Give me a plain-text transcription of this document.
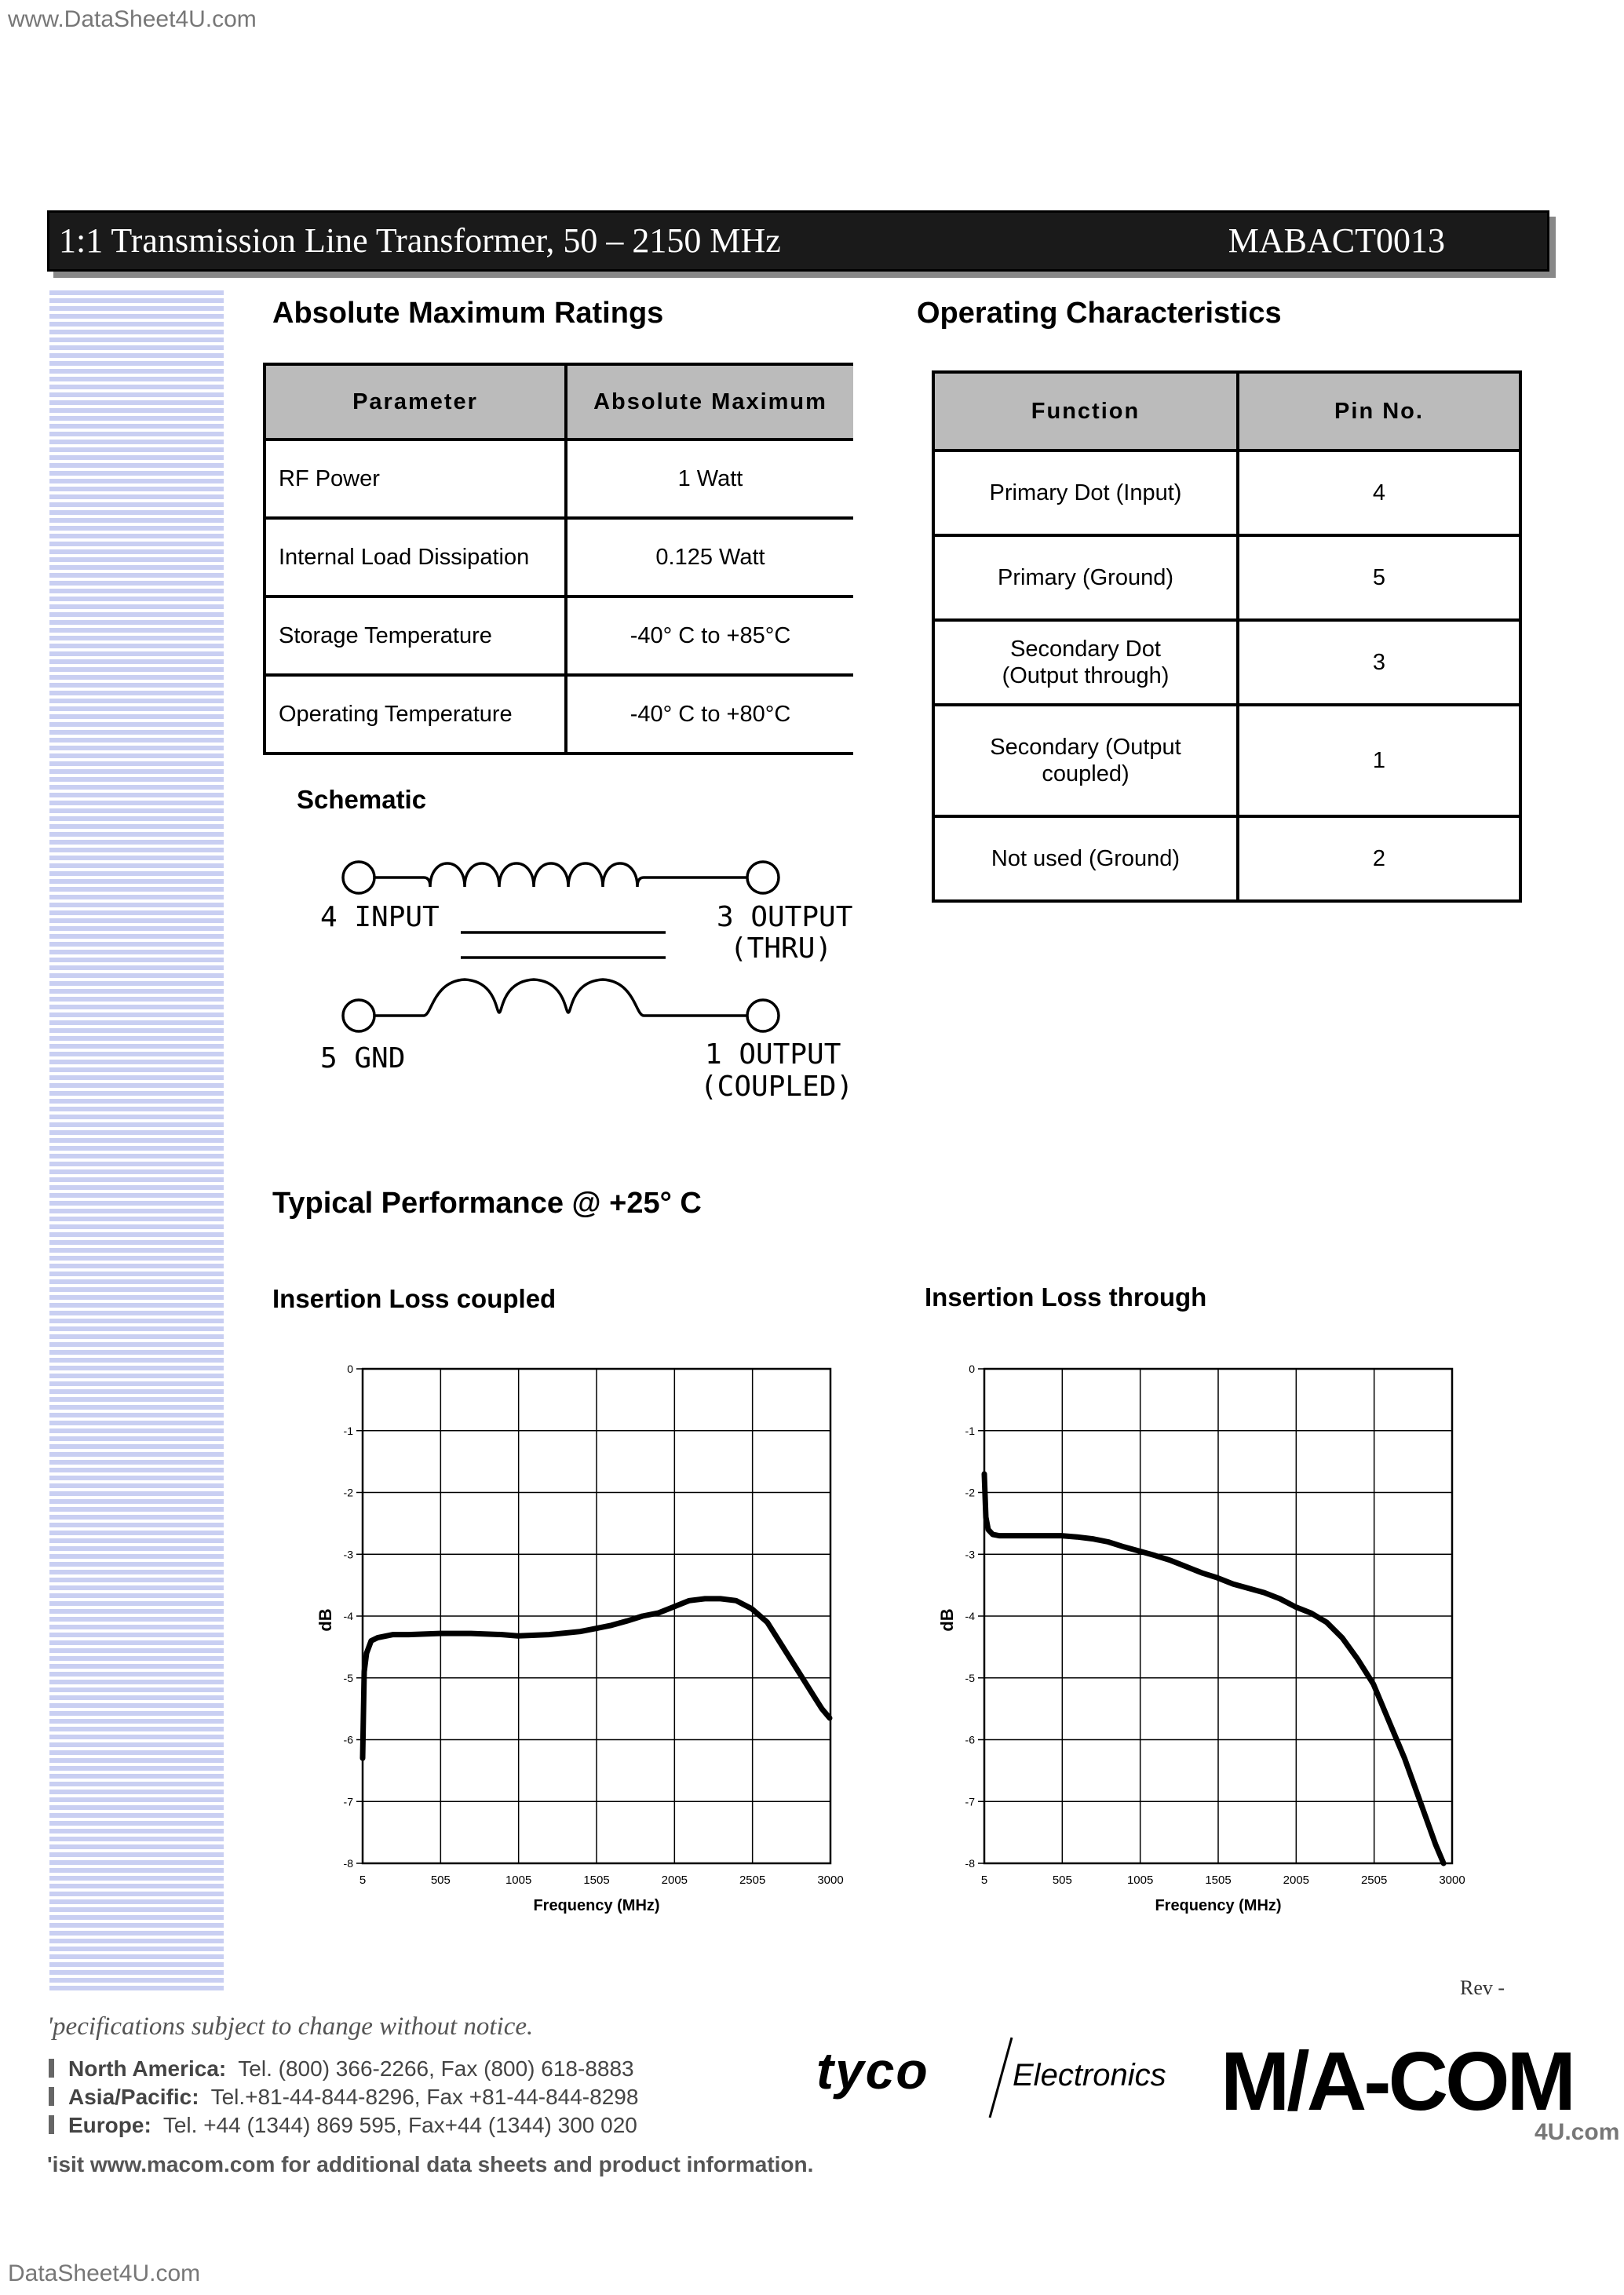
www.DataSheet4U.com
1:1 Transmission Line Transformer, 50 – 2150 MHz	MABACT0013
Absolute Maximum Ratings
Parameter	Absolute Maximum
RF Power	1 Watt
Internal Load Dissipation	0.125 Watt
Storage Temperature	-40° C to +85°C
Operating Temperature	-40° C to +80°C
Operating Characteristics
Function	Pin No.
Primary Dot (Input)	4
Primary (Ground)	5
Secondary Dot (Output through)	3
Secondary (Output coupled)	1
Not used (Ground)	2
Schematic
4 INPUT
5 GND
3 OUTPUT
(THRU)
1 OUTPUT
(COUPLED)
Typical Performance @ +25° C
Insertion Loss coupled	Insertion Loss through
5	505	1005	1505	2005	2505	3000
0
-1
-2
-3
-4
-5
-6
-7
-8
Frequency (MHz)
dB
5	505	1005	1505	2005	2505	3000
0
-1
-2
-3
-4
-5
-6
-7
-8
Frequency (MHz)
dB
Rev -
'pecifications subject to change without notice.
North America: Tel. (800) 366-2266, Fax (800) 618-8883
Asia/Pacific: Tel.+81-44-844-8296, Fax +81-44-844-8298
Europe: Tel. +44 (1344) 869 595, Fax+44 (1344) 300 020
'isit www.macom.com for additional data sheets and product information.
tyco	Electronics M/A-COM
4U.com
DataSheet4U.com
